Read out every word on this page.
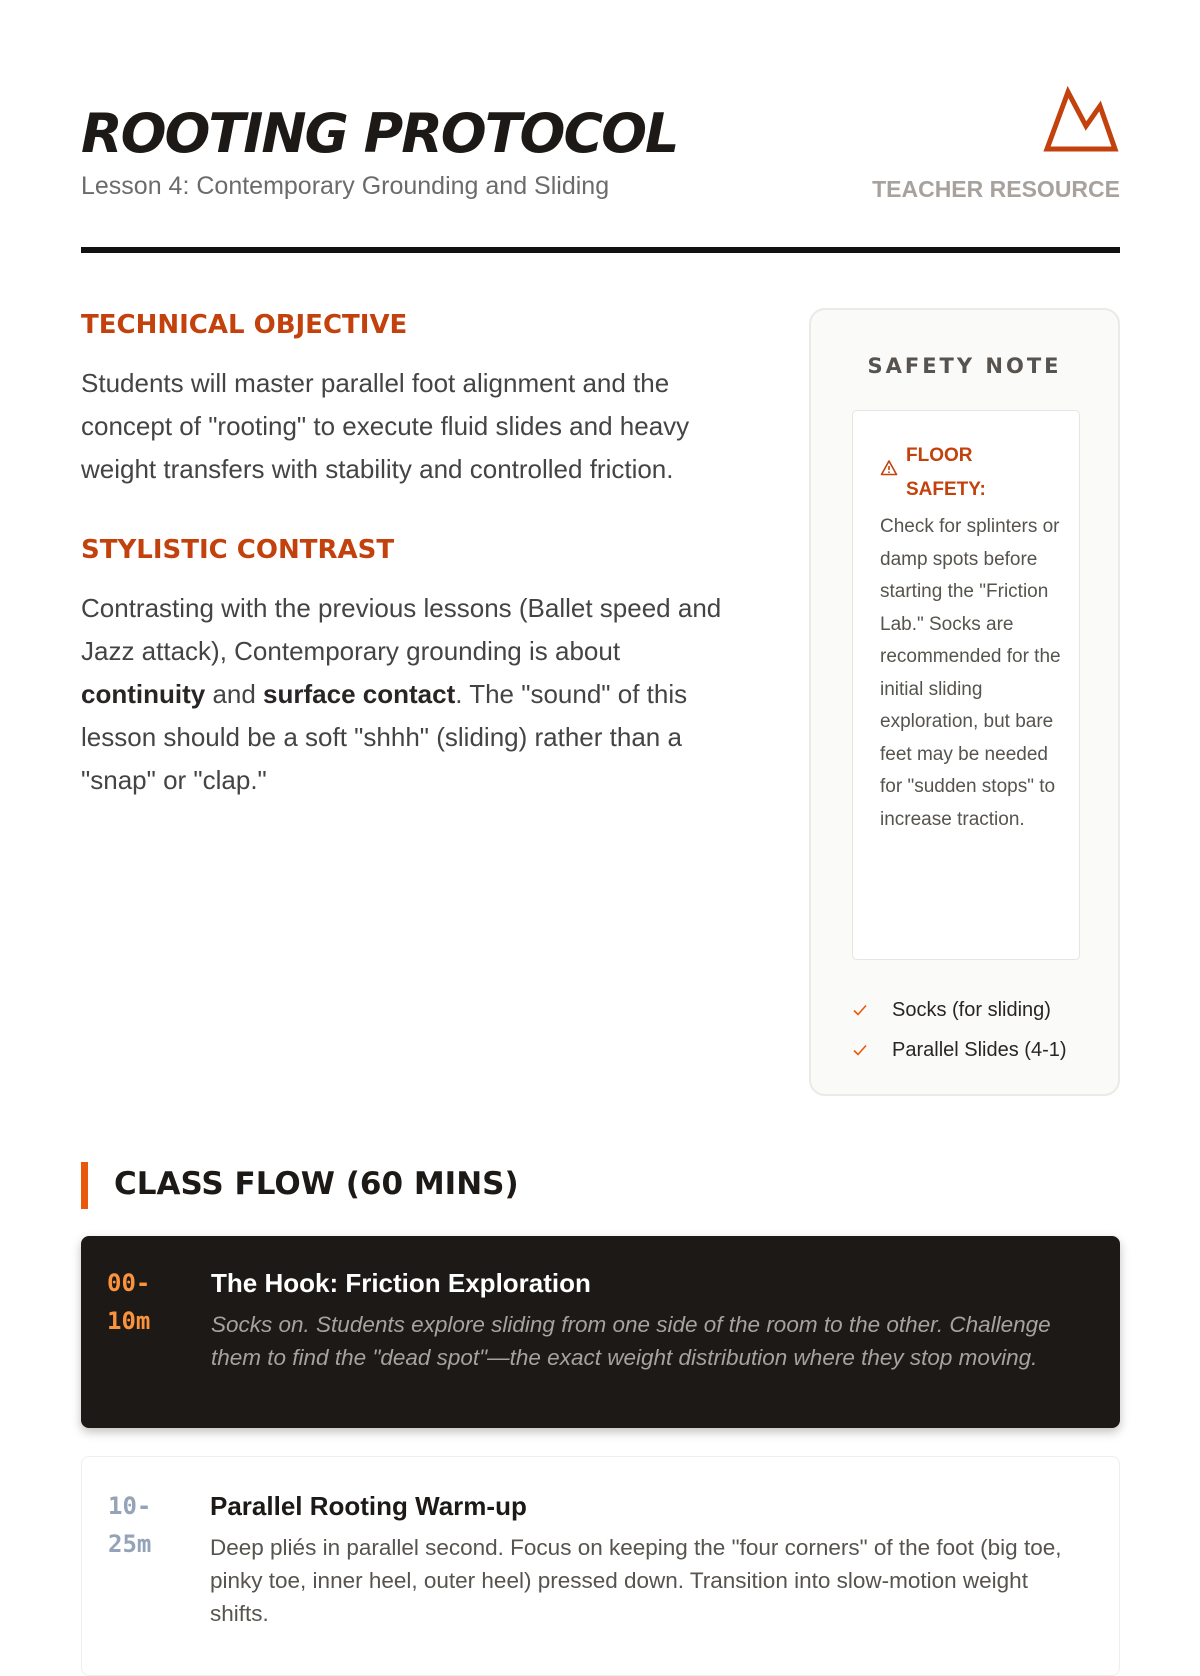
ROOTING PROTOCOL
Lesson 4: Contemporary Grounding and Sliding	TEACHER RESOURCE
TECHNICAL OBJECTIVE

Students will master parallel foot alignment and the concept of "rooting" to execute fluid slides and heavy weight transfers with stability and controlled friction.

STYLISTIC CONTRAST

Contrasting with the previous lessons (Ballet speed and Jazz attack), Contemporary grounding is about continuity and surface contact. The "sound" of this lesson should be a soft "shhh" (sliding) rather than a "snap" or "clap."

SAFETY NOTE
FLOOR SAFETY:

Check for splinters or damp spots before starting the "Friction Lab." Socks are recommended for the initial sliding exploration, but bare feet may be needed for "sudden stops" to increase traction.

Socks (for sliding)
Parallel Slides (4-1)
CLASS FLOW (60 MINS)
00-10m
The Hook: Friction Exploration

Socks on. Students explore sliding from one side of the room to the other. Challenge them to find the "dead spot"—the exact weight distribution where they stop moving.

10-25m
Parallel Rooting Warm-up

Deep pliés in parallel second. Focus on keeping the "four corners" of the foot (big toe, pinky toe, inner heel, outer heel) pressed down. Transition into slow-motion weight shifts.
